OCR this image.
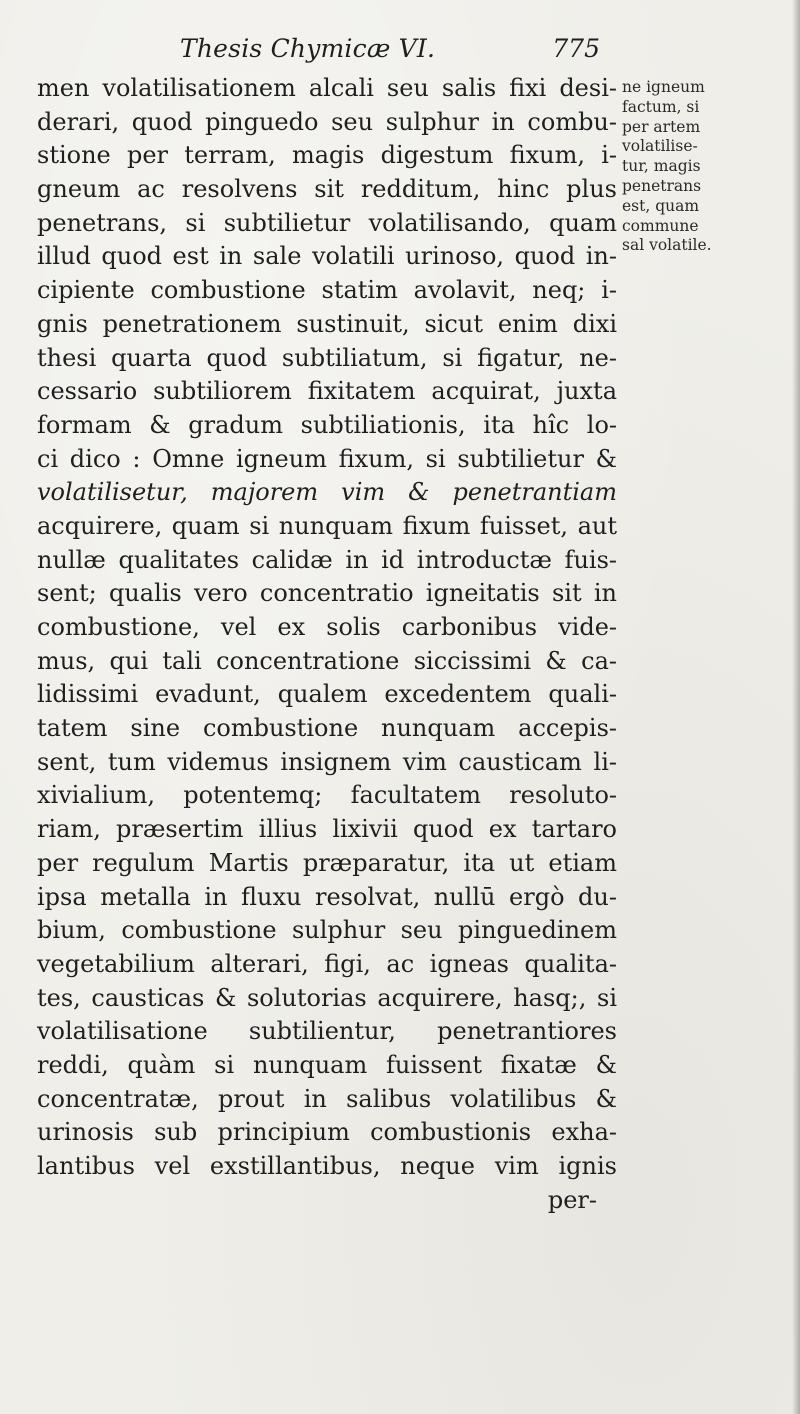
Thesis Chymicæ VI.	775
men volatilisationem alcali seu salis fixi desi-
derari, quod pinguedo seu sulphur in combu-
stione per terram, magis digestum fixum, i-
gneum ac resolvens sit redditum, hinc plus
penetrans, si subtilietur volatilisando, quam
illud quod est in sale volatili urinoso, quod in-
cipiente combustione statim avolavit, neq; i-
gnis penetrationem sustinuit, sicut enim dixi
thesi quarta quod subtiliatum, si figatur, ne-
cessario subtiliorem fixitatem acquirat, juxta
formam & gradum subtiliationis, ita hîc lo-
ci dico : Omne igneum fixum, si subtilietur &
volatilisetur, majorem vim & penetrantiam
acquirere, quam si nunquam fixum fuisset, aut
nullæ qualitates calidæ in id introductæ fuis-
sent; qualis vero concentratio igneitatis sit in
combustione, vel ex solis carbonibus vide-
mus, qui tali concentratione siccissimi & ca-
lidissimi evadunt, qualem excedentem quali-
tatem sine combustione nunquam accepis-
sent, tum videmus insignem vim causticam li-
xivialium, potentemq; facultatem resoluto-
riam, præsertim illius lixivii quod ex tartaro
per regulum Martis præparatur, ita ut etiam
ipsa metalla in fluxu resolvat, nullū ergò du-
bium, combustione sulphur seu pinguedinem
vegetabilium alterari, figi, ac igneas qualita-
tes, causticas & solutorias acquirere, hasq;, si
volatilisatione subtilientur, penetrantiores
reddi, quàm si nunquam fuissent fixatæ &
concentratæ, prout in salibus volatilibus &
urinosis sub principium combustionis exha-
lantibus vel exstillantibus, neque vim ignis
per-
ne igneum
factum, si
per artem
volatilise-
tur, magis
penetrans
est, quam
commune
sal volatile.
